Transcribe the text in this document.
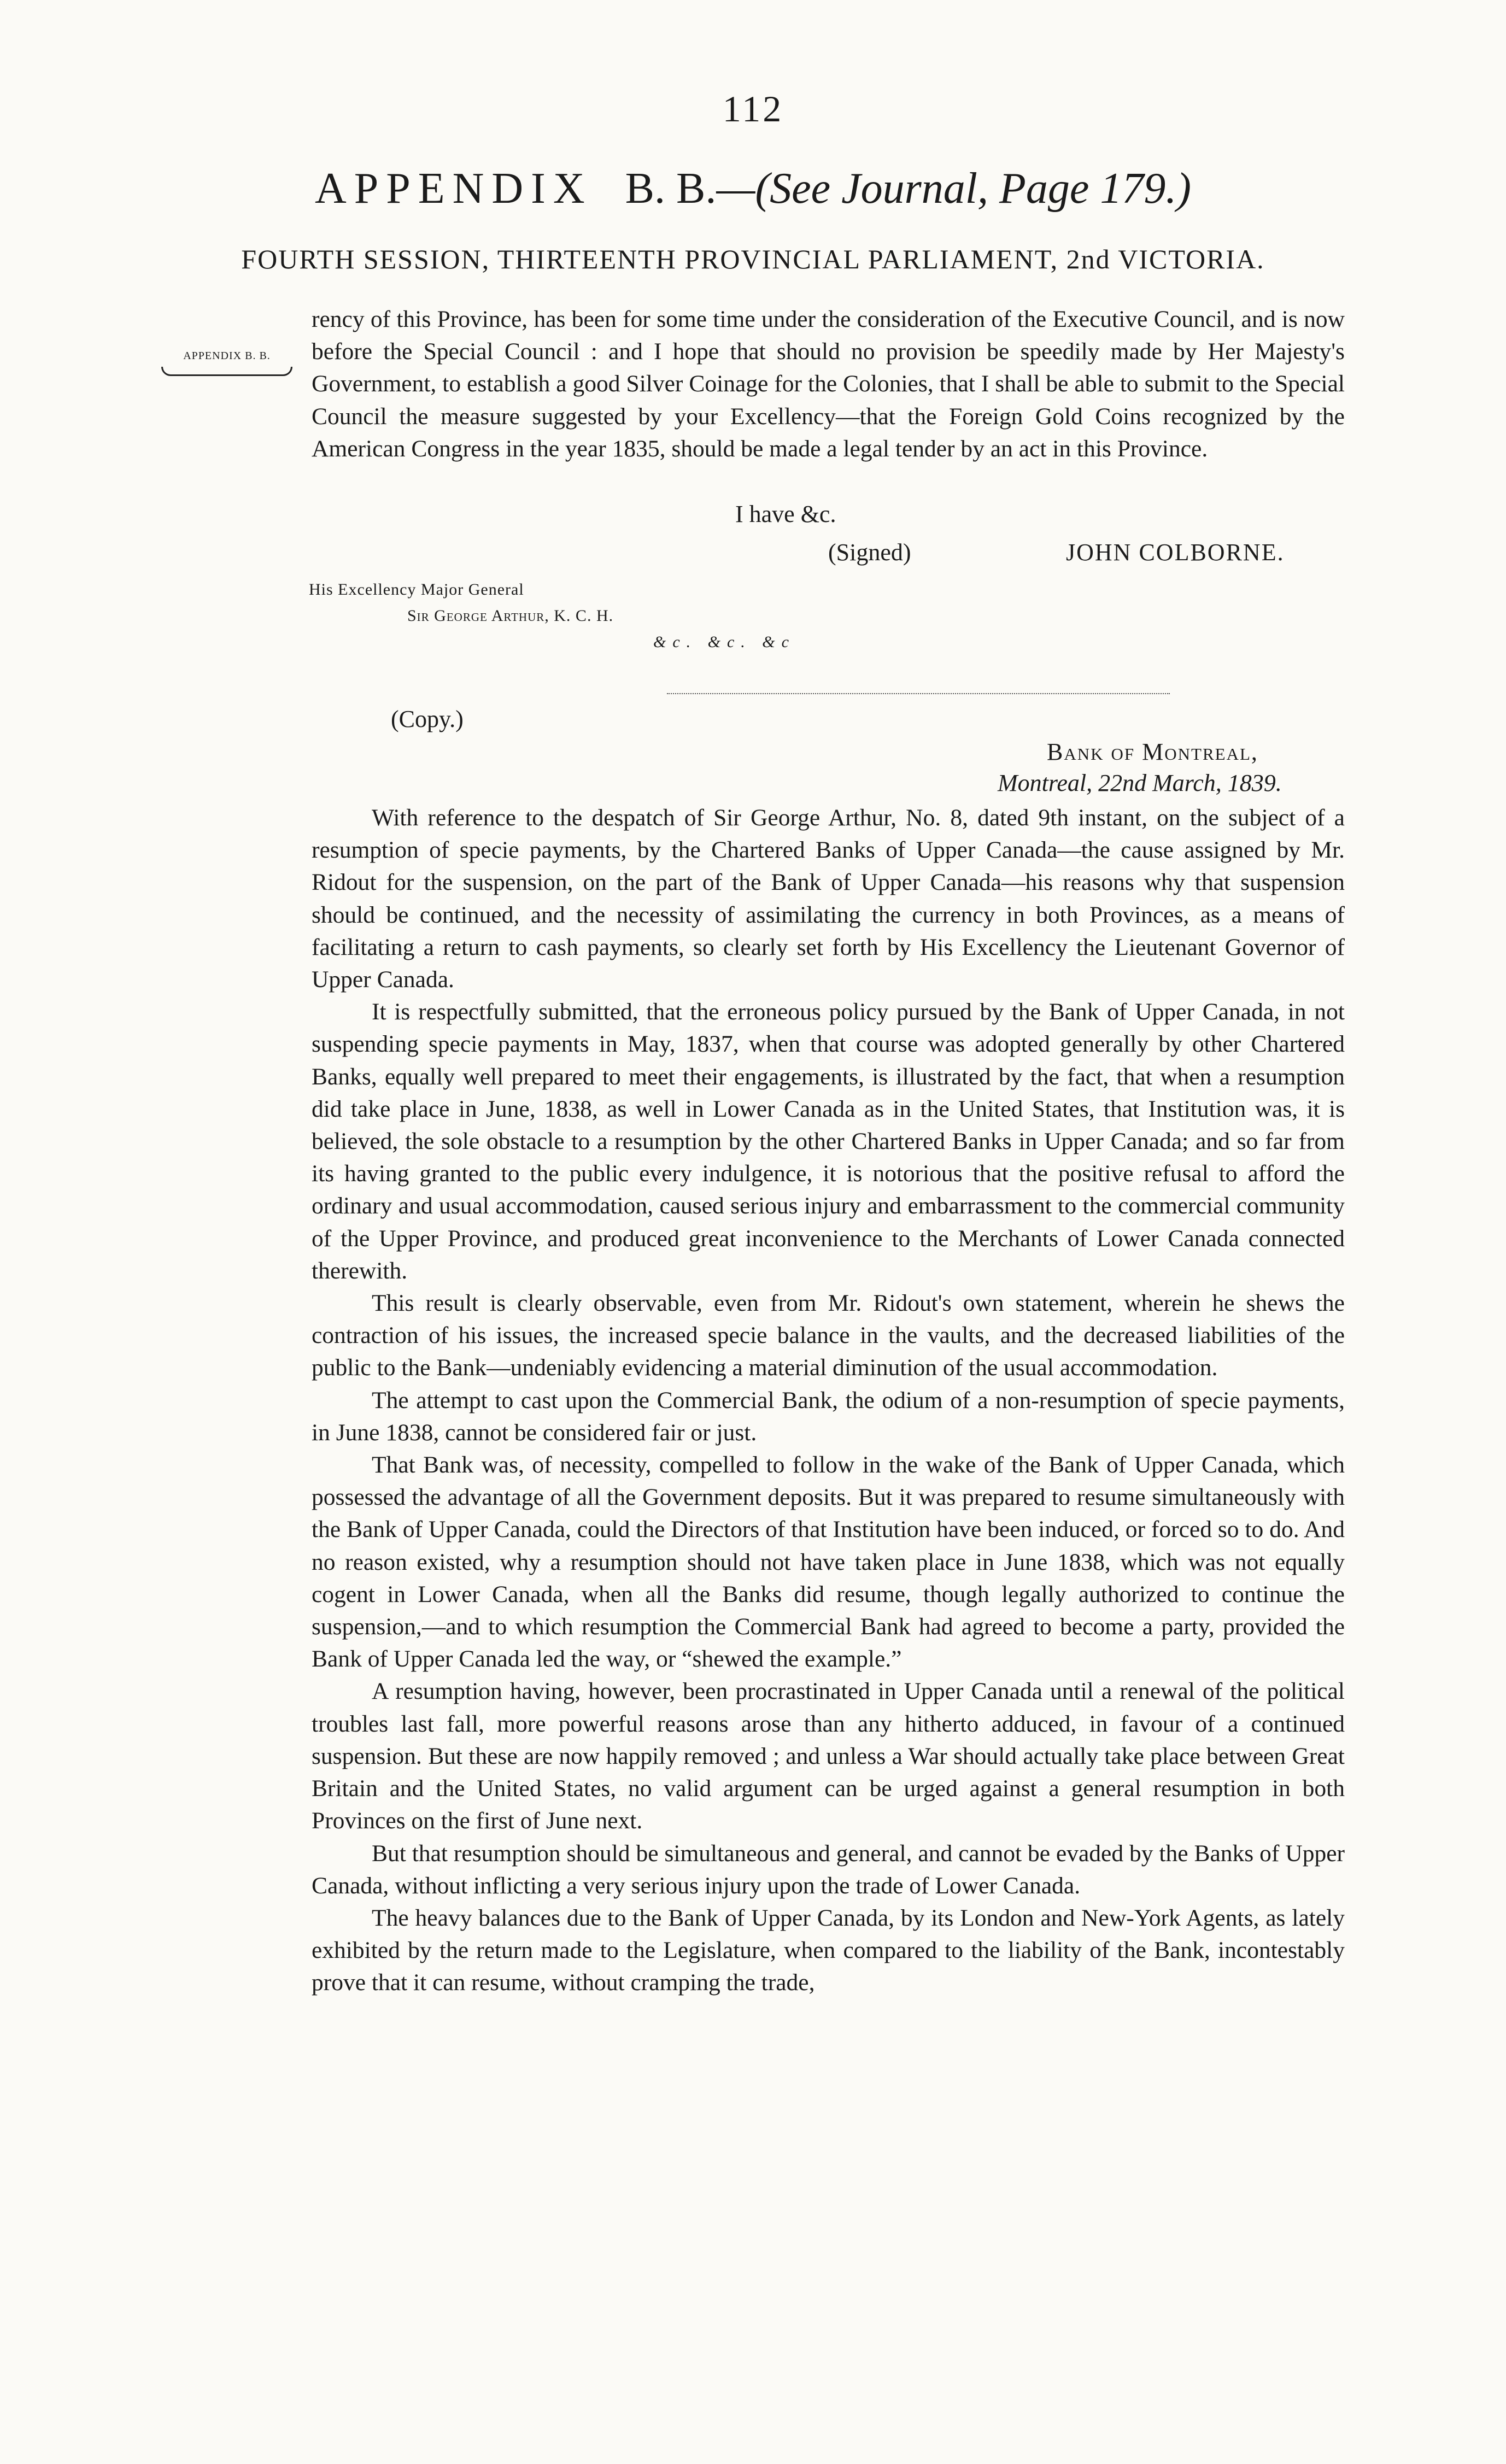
112
APPENDIX B. B.—(See Journal, Page 179.)
FOURTH SESSION, THIRTEENTH PROVINCIAL PARLIAMENT, 2nd VICTORIA.
APPENDIX B. B.

rency of this Province, has been for some time under the consideration of the Executive Council, and is now before the Special Council : and I hope that should no provision be speedily made by Her Majesty's Government, to establish a good Silver Coinage for the Colonies, that I shall be able to submit to the Special Council the measure suggested by your Excellency—that the Foreign Gold Coins recognized by the American Congress in the year 1835, should be made a legal tender by an act in this Province.

I have &c.
(Signed)	JOHN COLBORNE.
His Excellency Major General
Sir George Arthur, K. C. H.
&c. &c. &c
(Copy.)
Bank of Montreal,
Montreal, 22nd March, 1839.

With reference to the despatch of Sir George Arthur, No. 8, dated 9th instant, on the subject of a resumption of specie payments, by the Chartered Banks of Upper Canada—the cause assigned by Mr. Ridout for the suspension, on the part of the Bank of Upper Canada—his reasons why that suspension should be continued, and the necessity of assimilating the currency in both Provinces, as a means of facilitating a return to cash payments, so clearly set forth by His Excellency the Lieutenant Governor of Upper Canada.

It is respectfully submitted, that the erroneous policy pursued by the Bank of Upper Canada, in not suspending specie payments in May, 1837, when that course was adopted generally by other Chartered Banks, equally well prepared to meet their engagements, is illustrated by the fact, that when a resumption did take place in June, 1838, as well in Lower Canada as in the United States, that Institution was, it is believed, the sole obstacle to a resumption by the other Chartered Banks in Upper Canada; and so far from its having granted to the public every indulgence, it is notorious that the positive refusal to afford the ordinary and usual accommodation, caused serious injury and embarrassment to the commercial community of the Upper Province, and produced great inconvenience to the Merchants of Lower Canada connected therewith.

This result is clearly observable, even from Mr. Ridout's own statement, wherein he shews the contraction of his issues, the increased specie balance in the vaults, and the decreased liabilities of the public to the Bank—undeniably evidencing a material diminution of the usual accommodation.

The attempt to cast upon the Commercial Bank, the odium of a non-resumption of specie payments, in June 1838, cannot be considered fair or just.

That Bank was, of necessity, compelled to follow in the wake of the Bank of Upper Canada, which possessed the advantage of all the Government deposits. But it was prepared to resume simultaneously with the Bank of Upper Canada, could the Directors of that Institution have been induced, or forced so to do. And no reason existed, why a resumption should not have taken place in June 1838, which was not equally cogent in Lower Canada, when all the Banks did resume, though legally authorized to continue the suspension,—and to which resumption the Commercial Bank had agreed to become a party, provided the Bank of Upper Canada led the way, or “shewed the example.”

A resumption having, however, been procrastinated in Upper Canada until a renewal of the political troubles last fall, more powerful reasons arose than any hitherto adduced, in favour of a continued suspension. But these are now happily removed ; and unless a War should actually take place between Great Britain and the United States, no valid argument can be urged against a general resumption in both Provinces on the first of June next.

But that resumption should be simultaneous and general, and cannot be evaded by the Banks of Upper Canada, without inflicting a very serious injury upon the trade of Lower Canada.

The heavy balances due to the Bank of Upper Canada, by its London and New-York Agents, as lately exhibited by the return made to the Legislature, when compared to the liability of the Bank, incontestably prove that it can resume, without cramping the trade,
